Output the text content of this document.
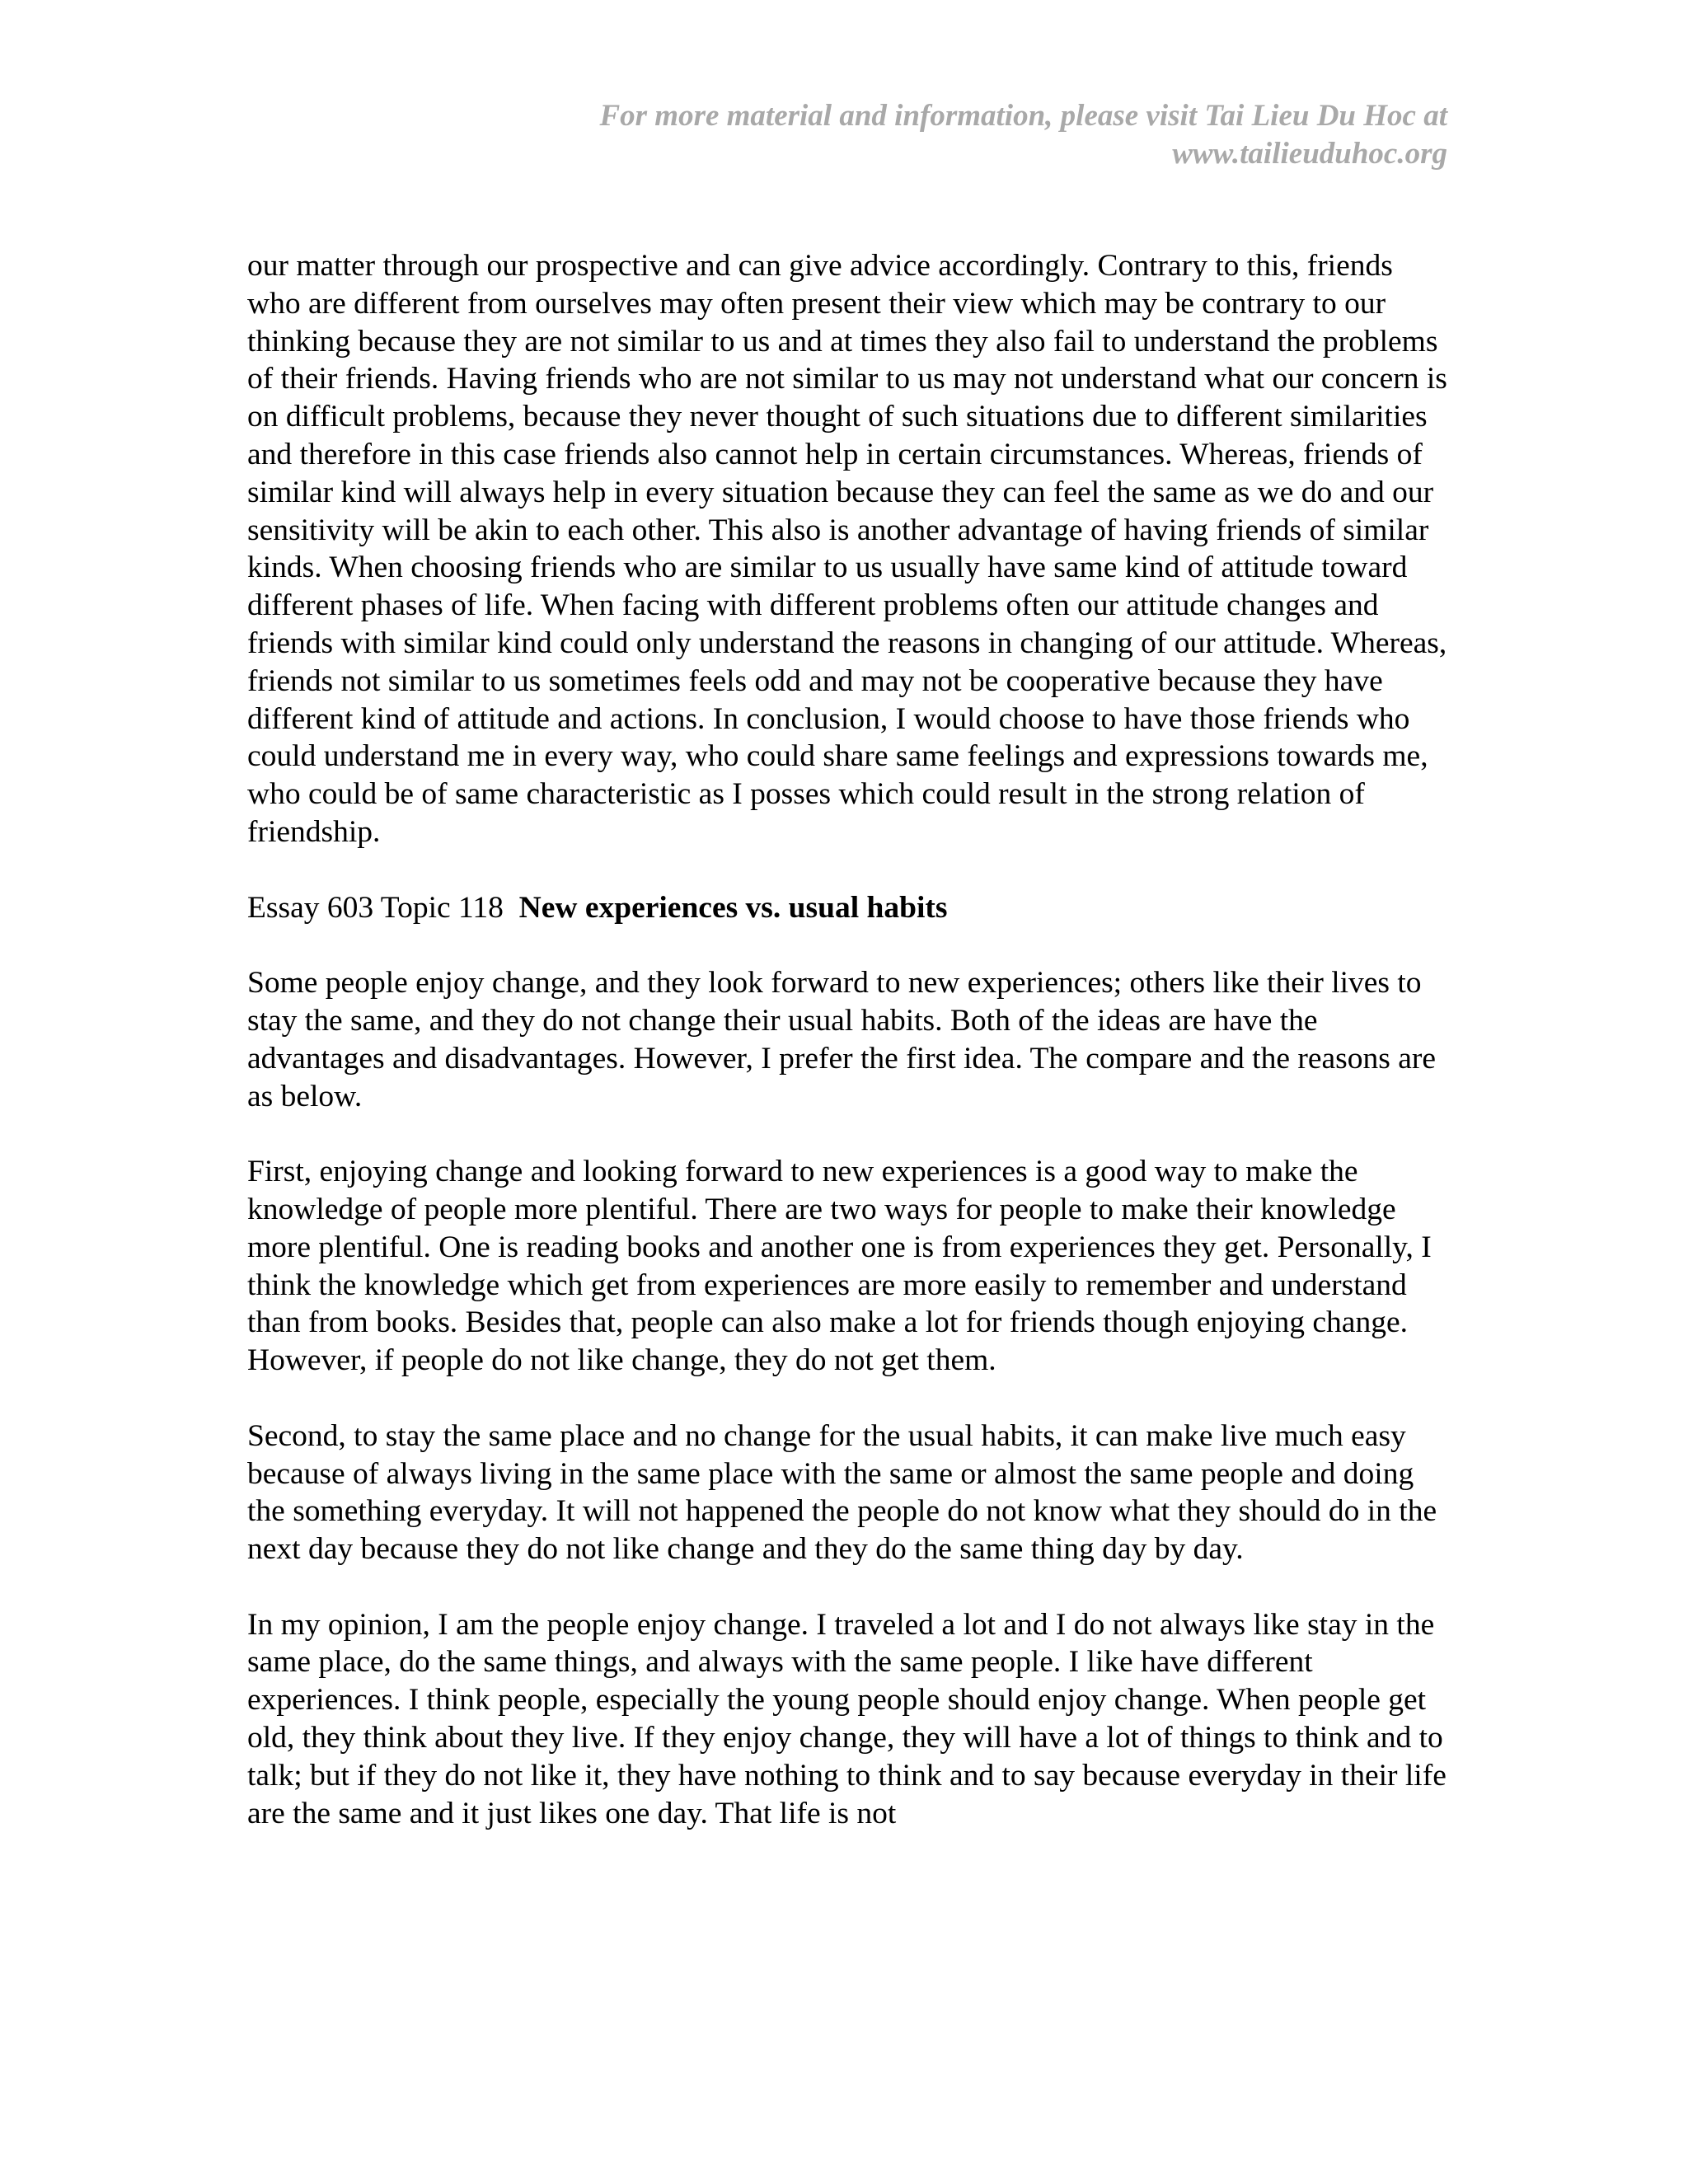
For more material and information, please visit Tai Lieu Du Hoc at
www.tailieuduhoc.org

our matter through our prospective and can give advice accordingly. Contrary to this, friends who are different from ourselves may often present their view which may be contrary to our thinking because they are not similar to us and at times they also fail to understand the problems of their friends. Having friends who are not similar to us may not understand what our concern is on difficult problems, because they never thought of such situations due to different similarities and therefore in this case friends also cannot help in certain circumstances. Whereas, friends of similar kind will always help in every situation because they can feel the same as we do and our sensitivity will be akin to each other. This also is another advantage of having friends of similar kinds. When choosing friends who are similar to us usually have same kind of attitude toward different phases of life. When facing with different problems often our attitude changes and friends with similar kind could only understand the reasons in changing of our attitude. Whereas, friends not similar to us sometimes feels odd and may not be cooperative because they have different kind of attitude and actions. In conclusion, I would choose to have those friends who could understand me in every way, who could share same feelings and expressions towards me, who could be of same characteristic as I posses which could result in the strong relation of friendship.

Essay 603 Topic 118 New experiences vs. usual habits

Some people enjoy change, and they look forward to new experiences; others like their lives to stay the same, and they do not change their usual habits. Both of the ideas are have the advantages and disadvantages. However, I prefer the first idea. The compare and the reasons are as below.

First, enjoying change and looking forward to new experiences is a good way to make the knowledge of people more plentiful. There are two ways for people to make their knowledge more plentiful. One is reading books and another one is from experiences they get. Personally, I think the knowledge which get from experiences are more easily to remember and understand than from books. Besides that, people can also make a lot for friends though enjoying change. However, if people do not like change, they do not get them.

Second, to stay the same place and no change for the usual habits, it can make live much easy because of always living in the same place with the same or almost the same people and doing the something everyday. It will not happened the people do not know what they should do in the next day because they do not like change and they do the same thing day by day.

In my opinion, I am the people enjoy change. I traveled a lot and I do not always like stay in the same place, do the same things, and always with the same people. I like have different experiences. I think people, especially the young people should enjoy change. When people get old, they think about they live. If they enjoy change, they will have a lot of things to think and to talk; but if they do not like it, they have nothing to think and to say because everyday in their life are the same and it just likes one day. That life is not
